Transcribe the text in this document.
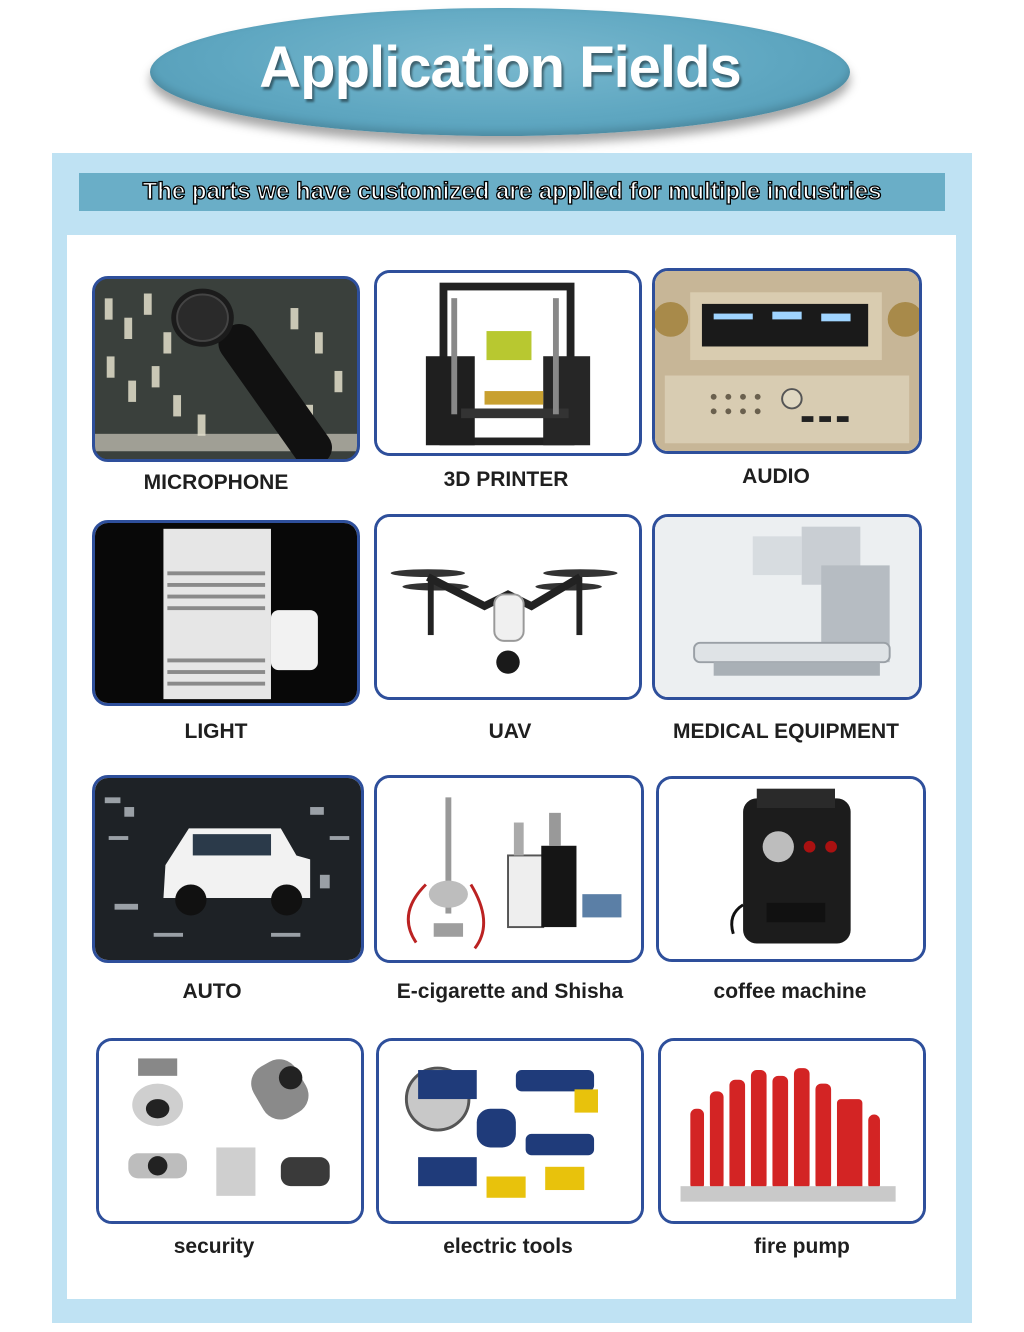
Application Fields
The parts we have customized are applied for multiple industries
MICROPHONE	3D PRINTER	AUDIO
LIGHT	UAV	MEDICAL EQUIPMENT
AUTO	E-cigarette and Shisha	coffee machine
security	electric tools	fire pump
